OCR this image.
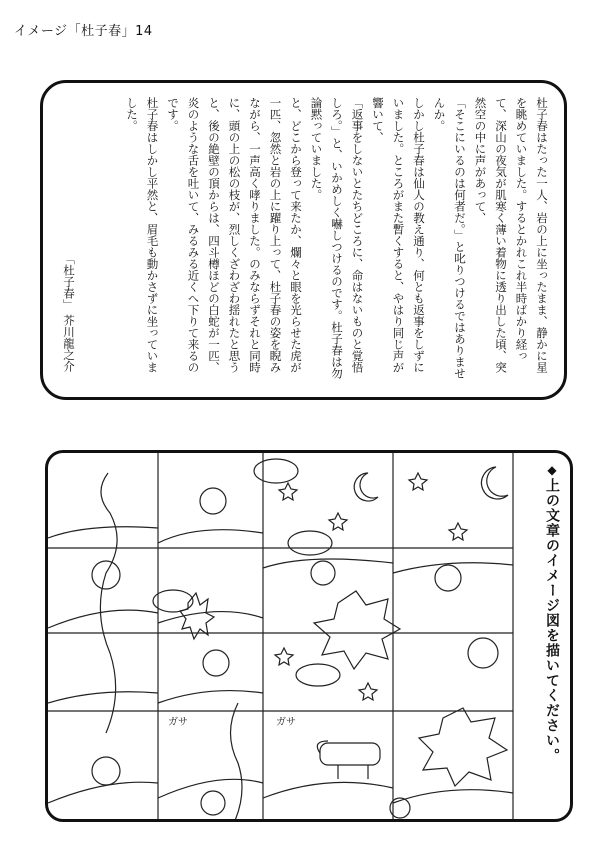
イメージ「杜子春」14

杜子春はたった一人、岩の上に坐ったまま、静かに星を眺めていました。するとかれこれ半時ばかり経って、深山の夜気が肌寒く薄い着物に透り出した頃、突然空の中に声があって、

「そこにいるのは何者だ。」と叱りつけるではありませんか。

しかし杜子春は仙人の教え通り、何とも返事をしずにいました。ところがまた暫くすると、やはり同じ声が響いて、

「返事をしないとたちどころに、命はないものと覚悟しろ。」と、いかめしく嚇しつけるのです。杜子春は勿論黙っていました。

と、どこから登って来たか、爛々と眼を光らせた虎が一匹、忽然と岩の上に躍り上って、杜子春の姿を睨みながら、一声高く哮りました。のみならずそれと同時に、頭の上の松の枝が、烈しくざわざわ揺れたと思うと、後の絶壁の頂からは、四斗樽ほどの白蛇が一匹、炎のような舌を吐いて、みるみる近くへ下りて来るのです。

杜子春はしかし平然と、眉毛も動かさずに坐っていました。

「杜子春」 芥川龍之介
ガサ	ガサ
◆上の文章のイメージ図を描いてください。
